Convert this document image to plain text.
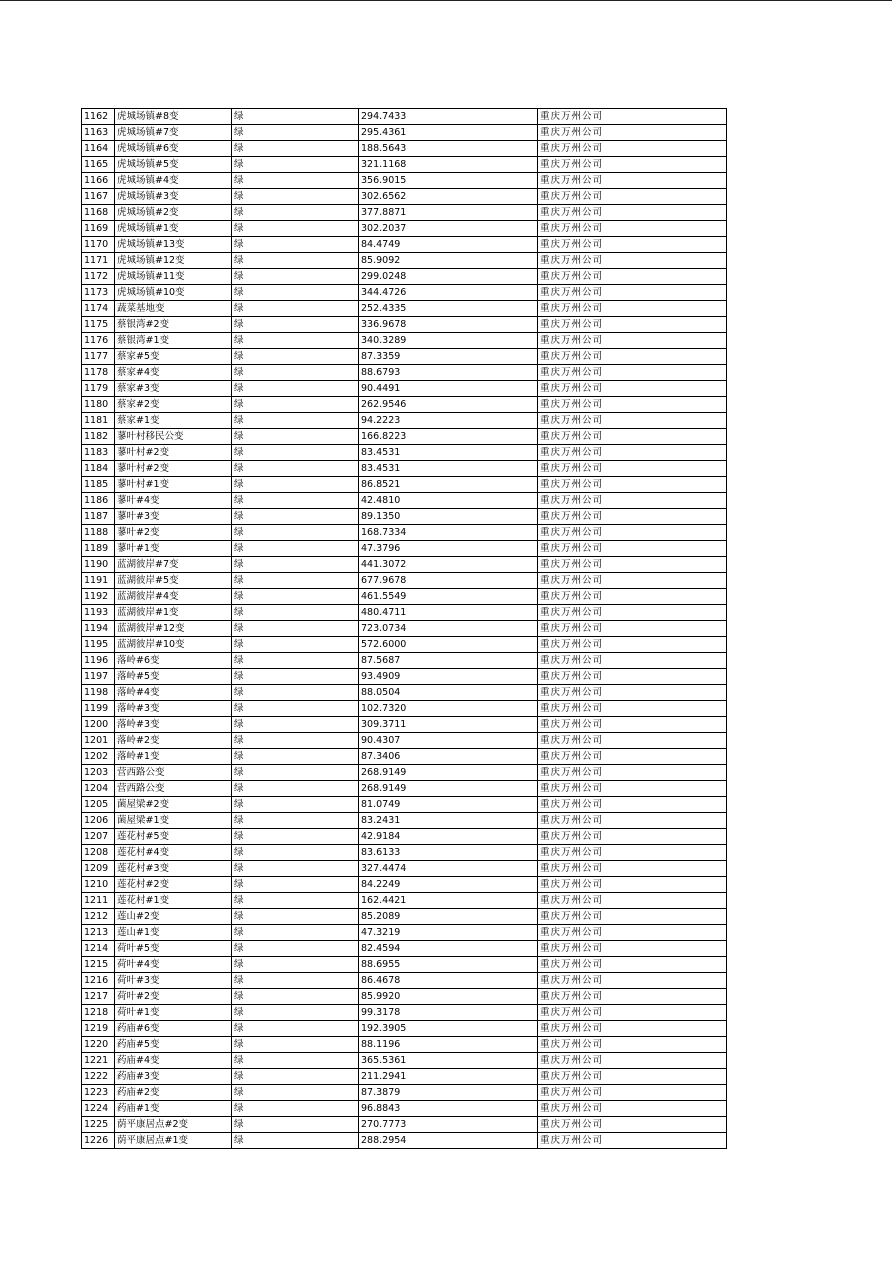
1162	虎城场镇#8变	绿	294.7433	重庆万州公司
1163	虎城场镇#7变	绿	295.4361	重庆万州公司
1164	虎城场镇#6变	绿	188.5643	重庆万州公司
1165	虎城场镇#5变	绿	321.1168	重庆万州公司
1166	虎城场镇#4变	绿	356.9015	重庆万州公司
1167	虎城场镇#3变	绿	302.6562	重庆万州公司
1168	虎城场镇#2变	绿	377.8871	重庆万州公司
1169	虎城场镇#1变	绿	302.2037	重庆万州公司
1170	虎城场镇#13变	绿	84.4749	重庆万州公司
1171	虎城场镇#12变	绿	85.9092	重庆万州公司
1172	虎城场镇#11变	绿	299.0248	重庆万州公司
1173	虎城场镇#10变	绿	344.4726	重庆万州公司
1174	蔬菜基地变	绿	252.4335	重庆万州公司
1175	蔡银湾#2变	绿	336.9678	重庆万州公司
1176	蔡银湾#1变	绿	340.3289	重庆万州公司
1177	蔡家#5变	绿	87.3359	重庆万州公司
1178	蔡家#4变	绿	88.6793	重庆万州公司
1179	蔡家#3变	绿	90.4491	重庆万州公司
1180	蔡家#2变	绿	262.9546	重庆万州公司
1181	蔡家#1变	绿	94.2223	重庆万州公司
1182	蓼叶村移民公变	绿	166.8223	重庆万州公司
1183	蓼叶村#2变	绿	83.4531	重庆万州公司
1184	蓼叶村#2变	绿	83.4531	重庆万州公司
1185	蓼叶村#1变	绿	86.8521	重庆万州公司
1186	蓼叶#4变	绿	42.4810	重庆万州公司
1187	蓼叶#3变	绿	89.1350	重庆万州公司
1188	蓼叶#2变	绿	168.7334	重庆万州公司
1189	蓼叶#1变	绿	47.3796	重庆万州公司
1190	蓝湖彼岸#7变	绿	441.3072	重庆万州公司
1191	蓝湖彼岸#5变	绿	677.9678	重庆万州公司
1192	蓝湖彼岸#4变	绿	461.5549	重庆万州公司
1193	蓝湖彼岸#1变	绿	480.4711	重庆万州公司
1194	蓝湖彼岸#12变	绿	723.0734	重庆万州公司
1195	蓝湖彼岸#10变	绿	572.6000	重庆万州公司
1196	落岭#6变	绿	87.5687	重庆万州公司
1197	落岭#5变	绿	93.4909	重庆万州公司
1198	落岭#4变	绿	88.0504	重庆万州公司
1199	落岭#3变	绿	102.7320	重庆万州公司
1200	落岭#3变	绿	309.3711	重庆万州公司
1201	落岭#2变	绿	90.4307	重庆万州公司
1202	落岭#1变	绿	87.3406	重庆万州公司
1203	营西路公变	绿	268.9149	重庆万州公司
1204	营西路公变	绿	268.9149	重庆万州公司
1205	菌屋梁#2变	绿	81.0749	重庆万州公司
1206	菌屋梁#1变	绿	83.2431	重庆万州公司
1207	莲花村#5变	绿	42.9184	重庆万州公司
1208	莲花村#4变	绿	83.6133	重庆万州公司
1209	莲花村#3变	绿	327.4474	重庆万州公司
1210	莲花村#2变	绿	84.2249	重庆万州公司
1211	莲花村#1变	绿	162.4421	重庆万州公司
1212	莲山#2变	绿	85.2089	重庆万州公司
1213	莲山#1变	绿	47.3219	重庆万州公司
1214	荷叶#5变	绿	82.4594	重庆万州公司
1215	荷叶#4变	绿	88.6955	重庆万州公司
1216	荷叶#3变	绿	86.4678	重庆万州公司
1217	荷叶#2变	绿	85.9920	重庆万州公司
1218	荷叶#1变	绿	99.3178	重庆万州公司
1219	药庙#6变	绿	192.3905	重庆万州公司
1220	药庙#5变	绿	88.1196	重庆万州公司
1221	药庙#4变	绿	365.5361	重庆万州公司
1222	药庙#3变	绿	211.2941	重庆万州公司
1223	药庙#2变	绿	87.3879	重庆万州公司
1224	药庙#1变	绿	96.8843	重庆万州公司
1225	荫平康居点#2变	绿	270.7773	重庆万州公司
1226	荫平康居点#1变	绿	288.2954	重庆万州公司
